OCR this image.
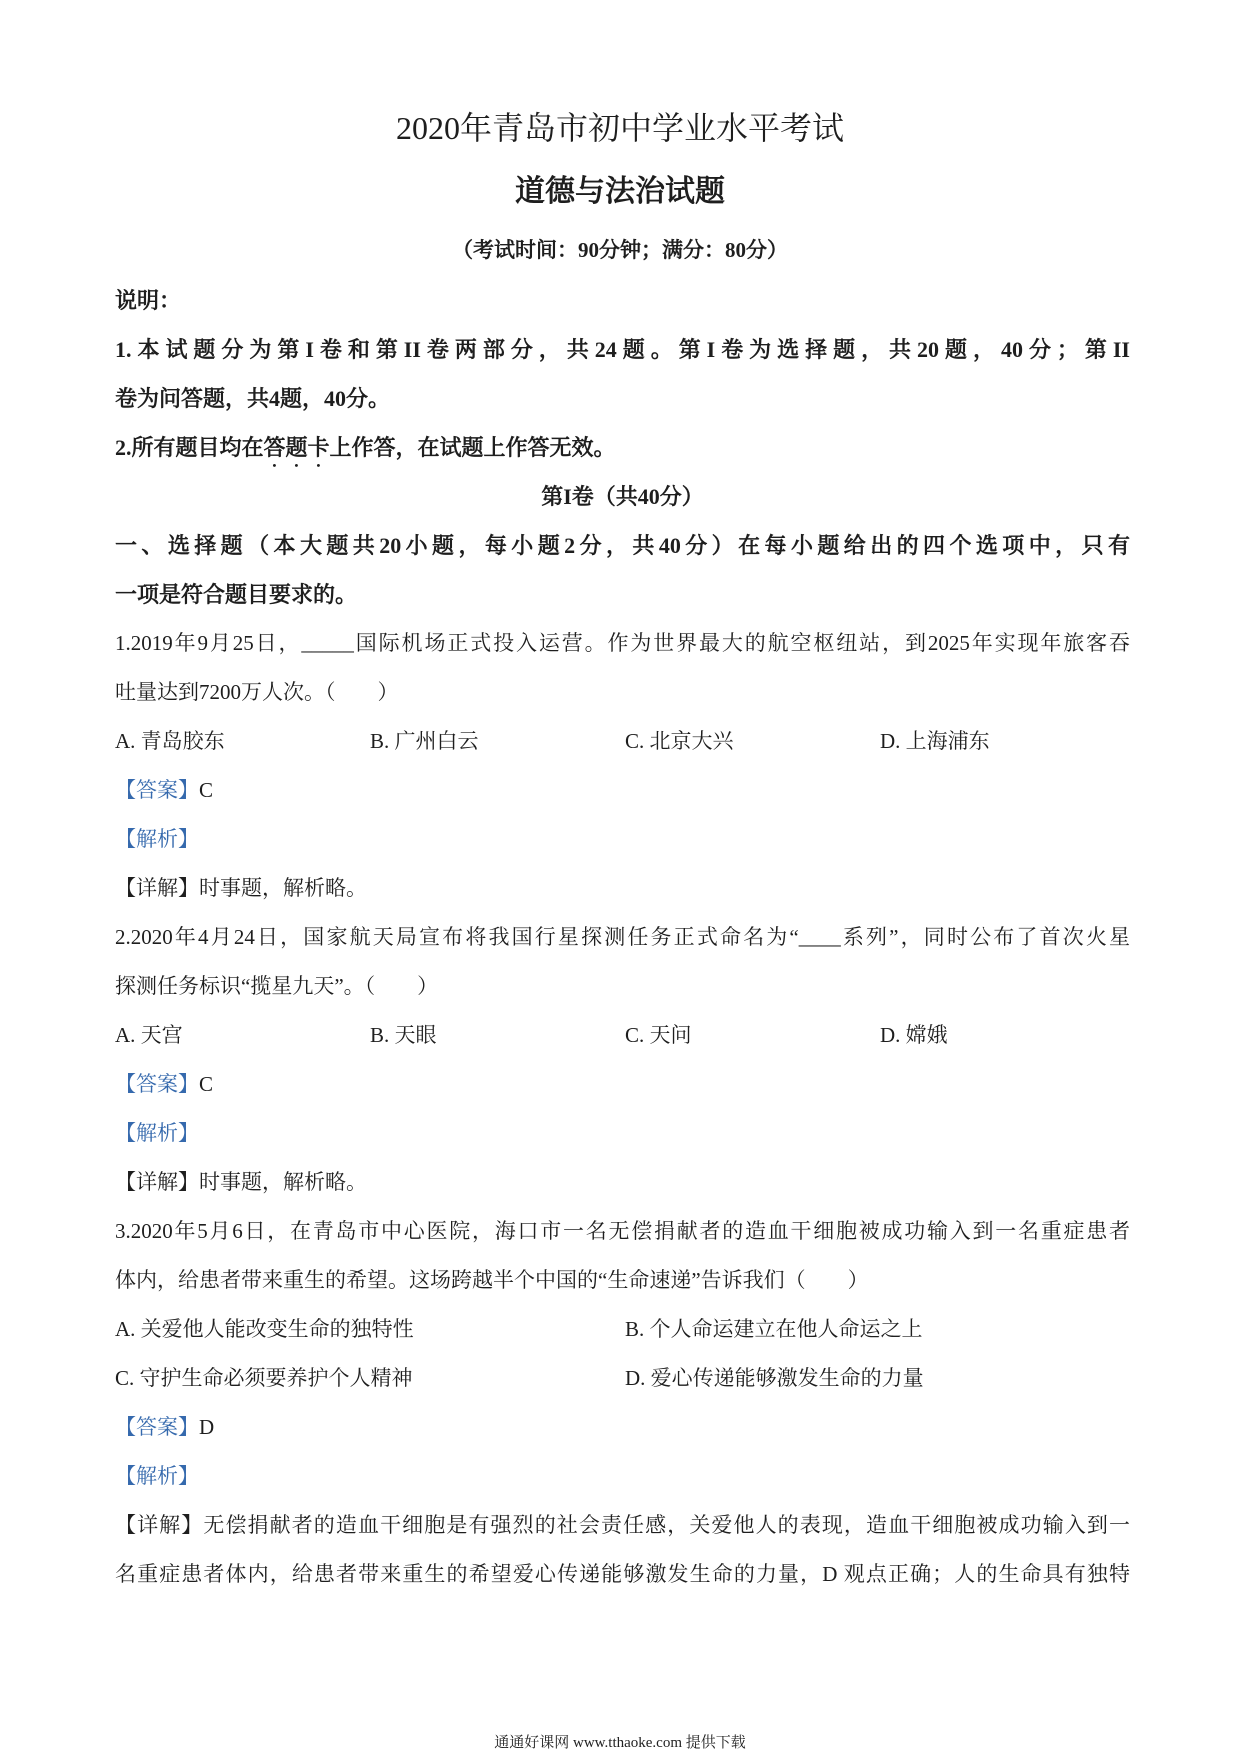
2020年青岛市初中学业水平考试
道德与法治试题
（考试时间：90分钟；满分：80分）
说明：
1.本试题分为第I卷和第II卷两部分，共24题。第I卷为选择题，共20题，40分；第II
卷为问答题，共4题，40分。
2.所有题目均在答题卡上作答，在试题上作答无效。
第I卷（共40分）
一、选择题（本大题共20小题，每小题2分，共40分）在每小题给出的四个选项中，只有
一项是符合题目要求的。
1.2019年9月25日，_____国际机场正式投入运营。作为世界最大的航空枢纽站，到2025年实现年旅客吞
吐量达到7200万人次。（　　）
A. 青岛胶东	B. 广州白云	C. 北京大兴	D. 上海浦东
【答案】C
【解析】
【详解】时事题，解析略。
2.2020年4月24日，国家航天局宣布将我国行星探测任务正式命名为“____系列”，同时公布了首次火星
探测任务标识“揽星九天”。（　　）
A. 天宫	B. 天眼	C. 天问	D. 嫦娥
【答案】C
【解析】
【详解】时事题，解析略。
3.2020年5月6日，在青岛市中心医院，海口市一名无偿捐献者的造血干细胞被成功输入到一名重症患者
体内，给患者带来重生的希望。这场跨越半个中国的“生命速递”告诉我们（　　）
A. 关爱他人能改变生命的独特性	B. 个人命运建立在他人命运之上
C. 守护生命必须要养护个人精神	D. 爱心传递能够激发生命的力量
【答案】D
【解析】
【详解】无偿捐献者的造血干细胞是有强烈的社会责任感，关爱他人的表现，造血干细胞被成功输入到一
名重症患者体内，给患者带来重生的希望爱心传递能够激发生命的力量，D 观点正确；人的生命具有独特
通通好课网 www.tthaoke.com 提供下载
